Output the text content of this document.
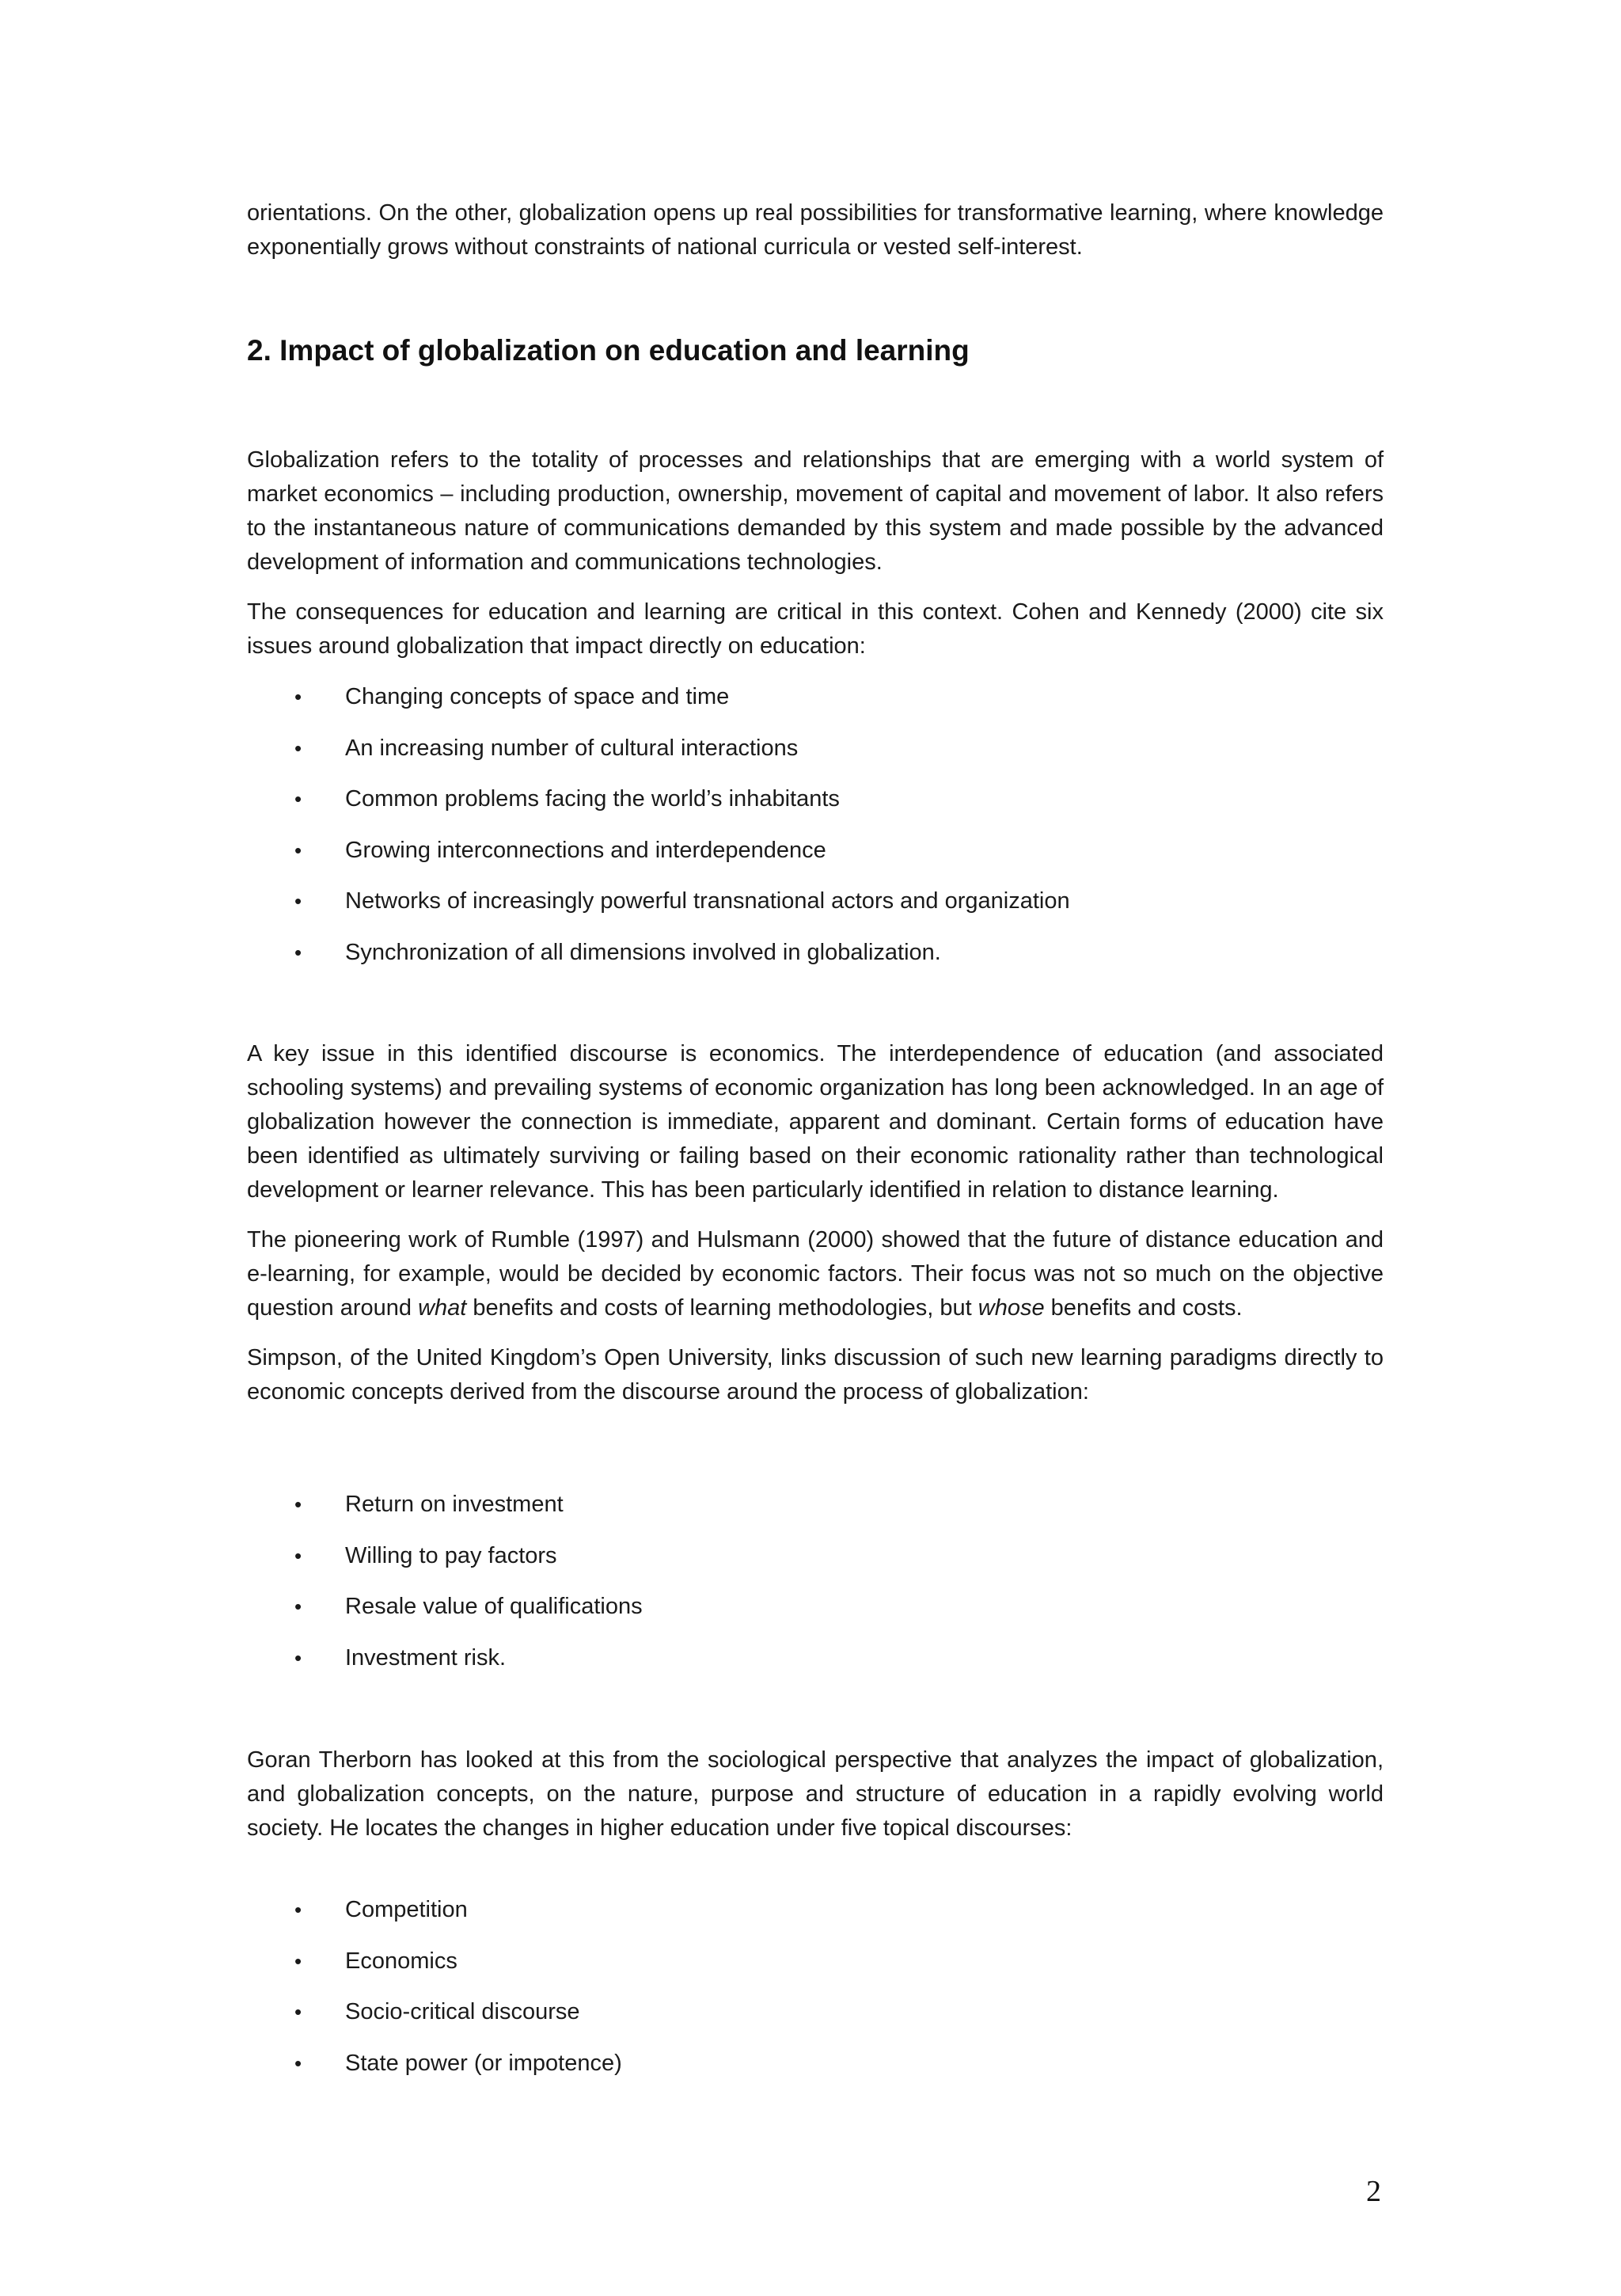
orientations. On the other, globalization opens up real possibilities for transformative learning, where knowledge exponentially grows without constraints of national curricula or vested self-interest.

2. Impact of globalization on education and learning

Globalization refers to the totality of processes and relationships that are emerging with a world system of market economics – including production, ownership, movement of capital and movement of labor. It also refers to the instantaneous nature of communications demanded by this system and made possible by the advanced development of information and communications technologies.

The consequences for education and learning are critical in this context. Cohen and Kennedy (2000) cite six issues around globalization that impact directly on education:

• Changing concepts of space and time
• An increasing number of cultural interactions
• Common problems facing the world’s inhabitants
• Growing interconnections and interdependence
• Networks of increasingly powerful transnational actors and organization
• Synchronization of all dimensions involved in globalization.

A key issue in this identified discourse is economics. The interdependence of education (and associated schooling systems) and prevailing systems of economic organization has long been acknowledged. In an age of globalization however the connection is immediate, apparent and dominant. Certain forms of education have been identified as ultimately surviving or failing based on their economic rationality rather than technological development or learner relevance. This has been particularly identified in relation to distance learning.

The pioneering work of Rumble (1997) and Hulsmann (2000) showed that the future of distance education and e-learning, for example, would be decided by economic factors. Their focus was not so much on the objective question around what benefits and costs of learning methodologies, but whose benefits and costs.

Simpson, of the United Kingdom’s Open University, links discussion of such new learning paradigms directly to economic concepts derived from the discourse around the process of globalization:

• Return on investment
• Willing to pay factors
• Resale value of qualifications
• Investment risk.

Goran Therborn has looked at this from the sociological perspective that analyzes the impact of globalization, and globalization concepts, on the nature, purpose and structure of education in a rapidly evolving world society. He locates the changes in higher education under five topical discourses:

• Competition
• Economics
• Socio-critical discourse
• State power (or impotence)
2
